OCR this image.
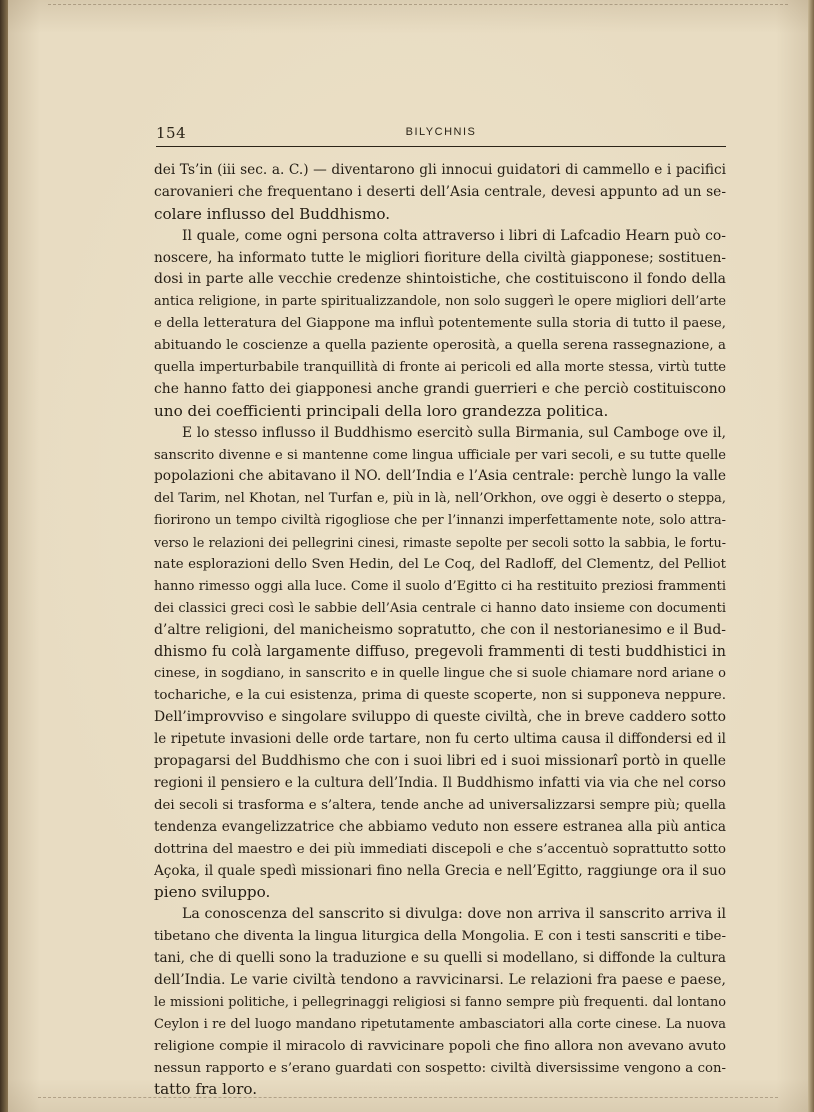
154	BILYCHNIS
dei Ts’in (iii sec. a. C.) — diventarono gli innocui guidatori di cammello e i pacifici
carovanieri che frequentano i deserti dell’Asia centrale, devesi appunto ad un se-
colare influsso del Buddhismo.
Il quale, come ogni persona colta attraverso i libri di Lafcadio Hearn può co-
noscere, ha informato tutte le migliori fioriture della civiltà giapponese; sostituen-
dosi in parte alle vecchie credenze shintoistiche, che costituiscono il fondo della
antica religione, in parte spiritualizzandole, non solo suggerì le opere migliori dell’arte
e della letteratura del Giappone ma influì potentemente sulla storia di tutto il paese,
abituando le coscienze a quella paziente operosità, a quella serena rassegnazione, a
quella imperturbabile tranquillità di fronte ai pericoli ed alla morte stessa, virtù tutte
che hanno fatto dei giapponesi anche grandi guerrieri e che perciò costituiscono
uno dei coefficienti principali della loro grandezza politica.
E lo stesso influsso il Buddhismo esercitò sulla Birmania, sul Camboge ove il,
sanscrito divenne e si mantenne come lingua ufficiale per vari secoli, e su tutte quelle
popolazioni che abitavano il NO. dell’India e l’Asia centrale: perchè lungo la valle
del Tarim, nel Khotan, nel Turfan e, più in là, nell’Orkhon, ove oggi è deserto o steppa,
fiorirono un tempo civiltà rigogliose che per l’innanzi imperfettamente note, solo attra-
verso le relazioni dei pellegrini cinesi, rimaste sepolte per secoli sotto la sabbia, le fortu-
nate esplorazioni dello Sven Hedin, del Le Coq, del Radloff, del Clementz, del Pelliot
hanno rimesso oggi alla luce. Come il suolo d’Egitto ci ha restituito preziosi frammenti
dei classici greci così le sabbie dell’Asia centrale ci hanno dato insieme con documenti
d’altre religioni, del manicheismo sopratutto, che con il nestorianesimo e il Bud-
dhismo fu colà largamente diffuso, pregevoli frammenti di testi buddhistici in
cinese, in sogdiano, in sanscrito e in quelle lingue che si suole chiamare nord ariane o
tochariche, e la cui esistenza, prima di queste scoperte, non si supponeva neppure.
Dell’improvviso e singolare sviluppo di queste civiltà, che in breve caddero sotto
le ripetute invasioni delle orde tartare, non fu certo ultima causa il diffondersi ed il
propagarsi del Buddhismo che con i suoi libri ed i suoi missionarî portò in quelle
regioni il pensiero e la cultura dell’India. Il Buddhismo infatti via via che nel corso
dei secoli si trasforma e s’altera, tende anche ad universalizzarsi sempre più; quella
tendenza evangelizzatrice che abbiamo veduto non essere estranea alla più antica
dottrina del maestro e dei più immediati discepoli e che s’accentuò soprattutto sotto
Açoka, il quale spedì missionari fino nella Grecia e nell’Egitto, raggiunge ora il suo
pieno sviluppo.
La conoscenza del sanscrito si divulga: dove non arriva il sanscrito arriva il
tibetano che diventa la lingua liturgica della Mongolia. E con i testi sanscriti e tibe-
tani, che di quelli sono la traduzione e su quelli si modellano, si diffonde la cultura
dell’India. Le varie civiltà tendono a ravvicinarsi. Le relazioni fra paese e paese,
le missioni politiche, i pellegrinaggi religiosi si fanno sempre più frequenti. dal lontano
Ceylon i re del luogo mandano ripetutamente ambasciatori alla corte cinese. La nuova
religione compie il miracolo di ravvicinare popoli che fino allora non avevano avuto
nessun rapporto e s’erano guardati con sospetto: civiltà diversissime vengono a con-
tatto fra loro.
